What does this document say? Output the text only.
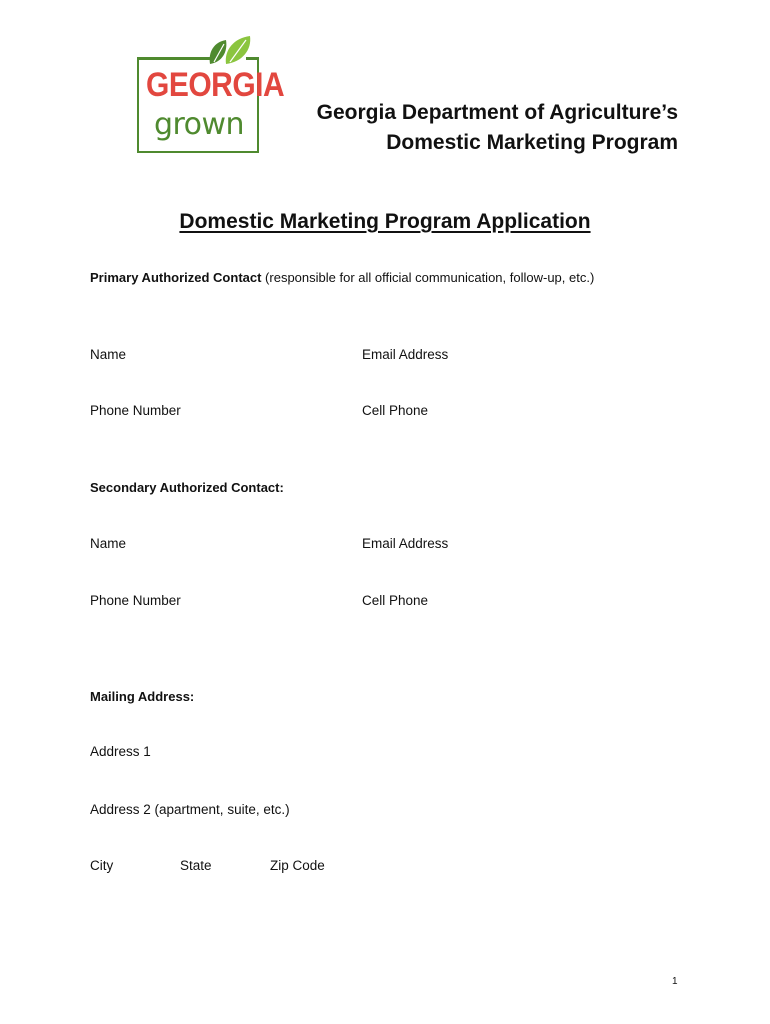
GEORGIA
grown	Georgia Department of Agriculture’s
Domestic Marketing Program
Domestic Marketing Program Application
Primary Authorized Contact (responsible for all official communication, follow-up, etc.)
Name	Email Address
Phone Number	Cell Phone
Secondary Authorized Contact:
Name	Email Address
Phone Number	Cell Phone
Mailing Address:
Address 1
Address 2 (apartment, suite, etc.)
City	State	Zip Code
1
